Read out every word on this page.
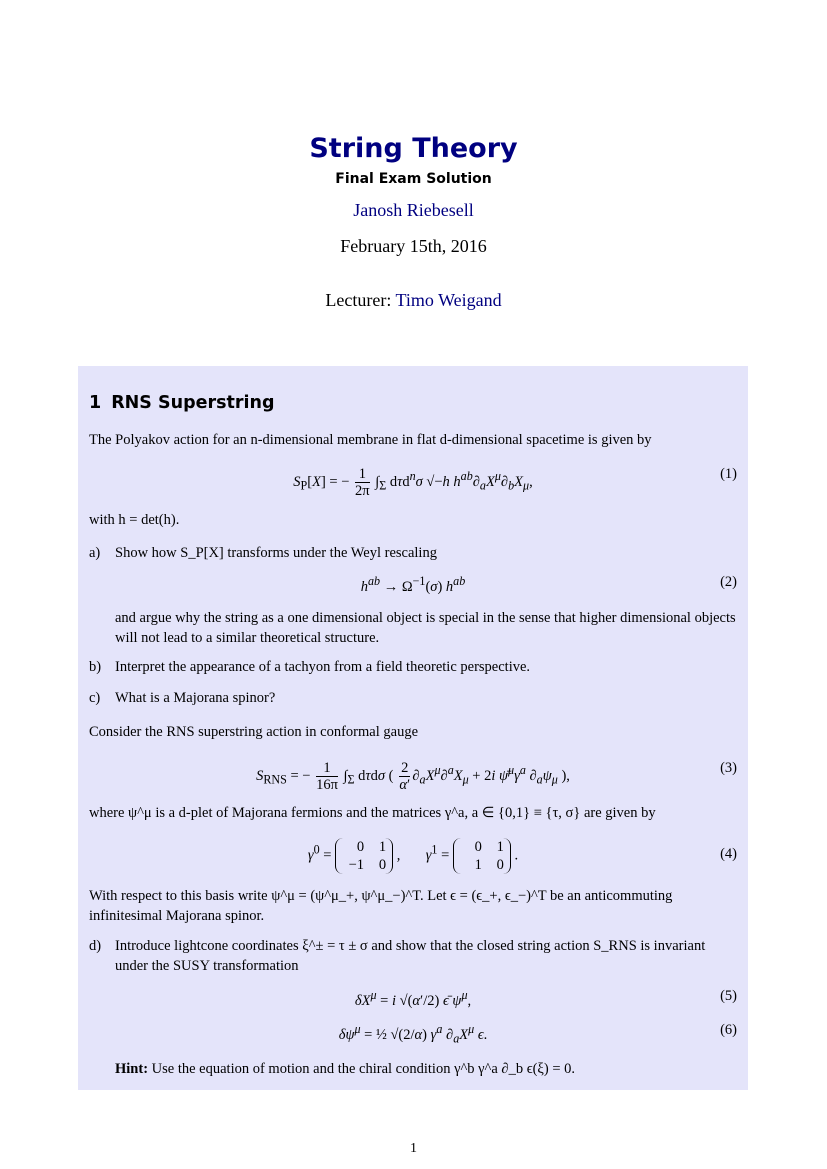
String Theory
Final Exam Solution
Janosh Riebesell
February 15th, 2016
Lecturer: Timo Weigand
1 RNS Superstring
The Polyakov action for an n-dimensional membrane in flat d-dimensional spacetime is given by
$S_P[X]$ = − $\frac{1}{2\pi} \int_\Sigma$ dτd$^n$σ √−h $h^{ab}\partial_aX^\mu\partial_bX_\mu$,	(1)
with h = det(h).
a)	Show how S_P[X] transforms under the Weyl rescaling
$h^{ab} \to \Omega^{-1}(\sigma)$ $h^{ab}$	(2)
and argue why the string as a one dimensional object is special in the sense that higher dimensional objects will not lead to a similar theoretical structure.
b) Interpret the appearance of a tachyon from a field theoretic perspective.
c)	What is a Majorana spinor?
Consider the RNS superstring action in conformal gauge
$S_{RNS}$ = − $\frac{1}{16\pi} \int_\Sigma$ dτdσ ( $\frac{2}{\alpha'} \partial_aX^\mu\partial^aX_\mu + 2i$ $\psī^\mu\gamma^a$ $\partial_a\psi_\mu$ ),	(3)
where ψ^μ is a d-plet of Majorana fermions and the matrices γ^a, a ∈ {0,1} ≡ {τ, σ} are given by
$\gamma^0$ =
0 1
−1 0
,       $\gamma^1$ =
0 1
1 0
.	(4)
With respect to this basis write ψ^μ = (ψ^μ_+, ψ^μ_−)^T. Let ϵ = (ϵ_+, ϵ_−)^T be an anticommuting infinitesimal Majorana spinor.
d) Introduce lightcone coordinates ξ^± = τ ± σ and show that the closed string action S_RNS is invariant under the SUSY transformation
$\delta X^\mu = i$ √(α′/2) ϵ̄ $\psi^\mu$,	(5)
$\delta\psi^\mu$ = ½ √(2/α) $\gamma^a$ $\partial_aX^\mu$ ϵ.	(6)
Hint: Use the equation of motion and the chiral condition γ^b γ^a ∂_b ϵ(ξ) = 0.
1
